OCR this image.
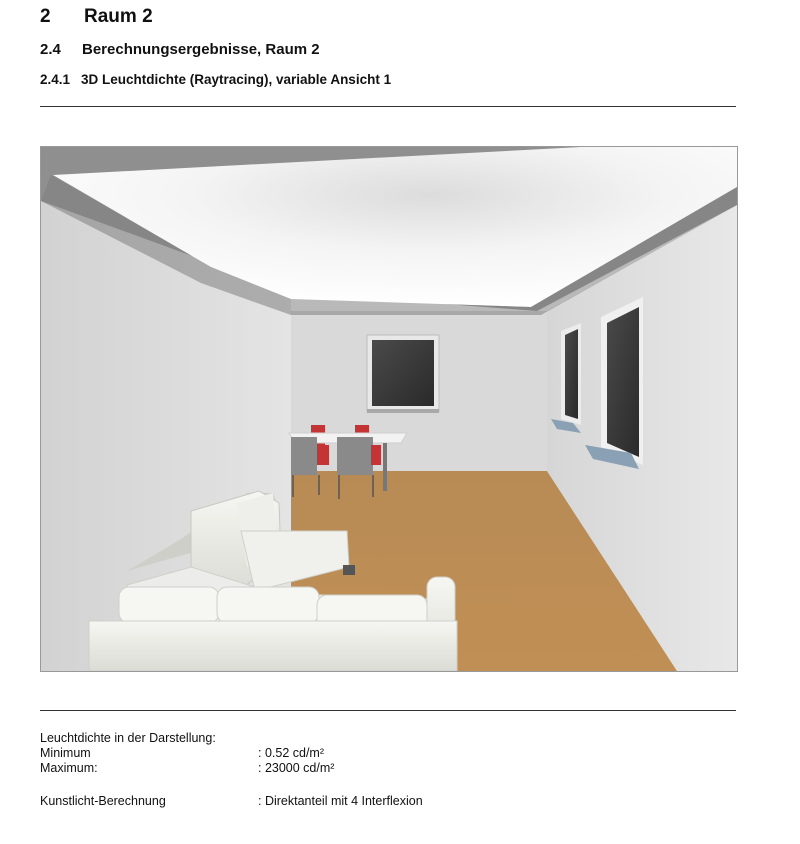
2 Raum 2
2.4 Berechnungsergebnisse, Raum 2
2.4.1 3D Leuchtdichte (Raytracing), variable Ansicht 1
Leuchtdichte in der Darstellung:
Minimum	: 0.52 cd/m²
Maximum:	: 23000 cd/m²
Kunstlicht-Berechnung	: Direktanteil mit 4 Interflexion
